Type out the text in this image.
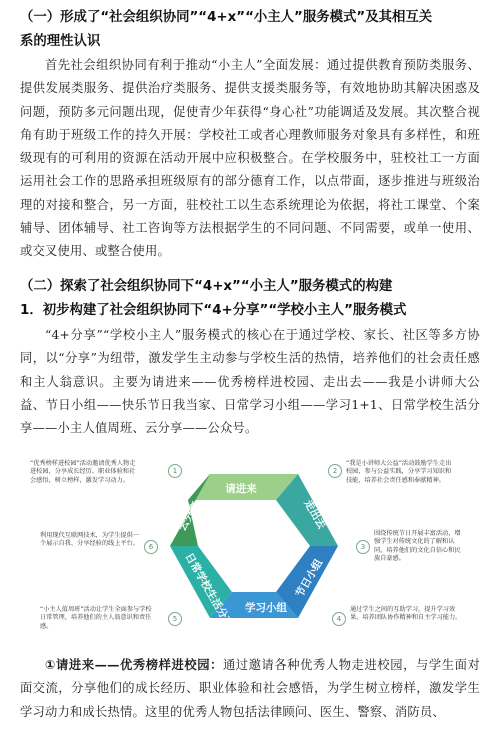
（一）形成了“社会组织协同”“4+x”“小主人”服务模式”及其相互关
系的理性认识
首先社会组织协同有利于推动“小主人”全面发展：通过提供教育预防类服务、提供发展类服务、提供治疗类服务、提供支援类服务等，有效地协助其解决困惑及问题，预防多元问题出现，促使青少年获得“身心社”功能调适及发展。其次整合视角有助于班级工作的持久开展：学校社工或者心理教师服务对象具有多样性，和班级现有的可利用的资源在活动开展中应积极整合。在学校服务中，驻校社工一方面运用社会工作的思路承担班级原有的部分德育工作，以点带面，逐步推进与班级治理的对接和整合，另一方面，驻校社工以生态系统理论为依据，将社工课堂、个案辅导、团体辅导、社工咨询等方法根据学生的不同问题、不同需要，或单一使用、或交叉使用、或整合使用。
（二）探索了社会组织协同下“4+x”“小主人”服务模式的构建
1．初步构建了社会组织协同下“4+分享”“学校小主人”服务模式
“4+分享”“学校小主人”服务模式的核心在于通过学校、家长、社区等多方协同，以“分享”为纽带，激发学生主动参与学校生活的热情，培养他们的社会责任感和主人翁意识。主要为请进来——优秀榜样进校园、走出去——我是小讲师大公益、节日小组——快乐节日我当家、日常学习小组——学习1+1、日常学校生活分享——小主人值周班、云分享——公众号。
请进来
走出去
节日小组
学习小组
日常学校生活分享
云分享
“优秀榜样进校园”活动邀请优秀人物走进校园，分享成长经历、职业体验和社会感悟，树立榜样，激发学习动力。
1
“我是小讲师大公益”活动鼓励学生走出校园，参与公益实践，分享学习知识和技能，培养社会责任感和奉献精神。
2
围绕传统节日开展丰富活动，增强学生对传统文化的了解和认同，培养他们的文化自信心和民族自豪感。
3
通过学生之间的互助学习，提升学习效果，培养团队协作精神和自主学习能力。
4
“小主人值周班”活动让学生全面参与学校日常管理，培养他们的主人翁意识和责任感。
5
利用现代互联网技术，为学生提供一个展示自我、分享经验的线上平台。	6
①请进来——优秀榜样进校园：通过邀请各种优秀人物走进校园，与学生面对面交流，分享他们的成长经历、职业体验和社会感悟，为学生树立榜样，激发学生学习动力和成长热情。这里的优秀人物包括法律顾问、医生、警察、消防员、
